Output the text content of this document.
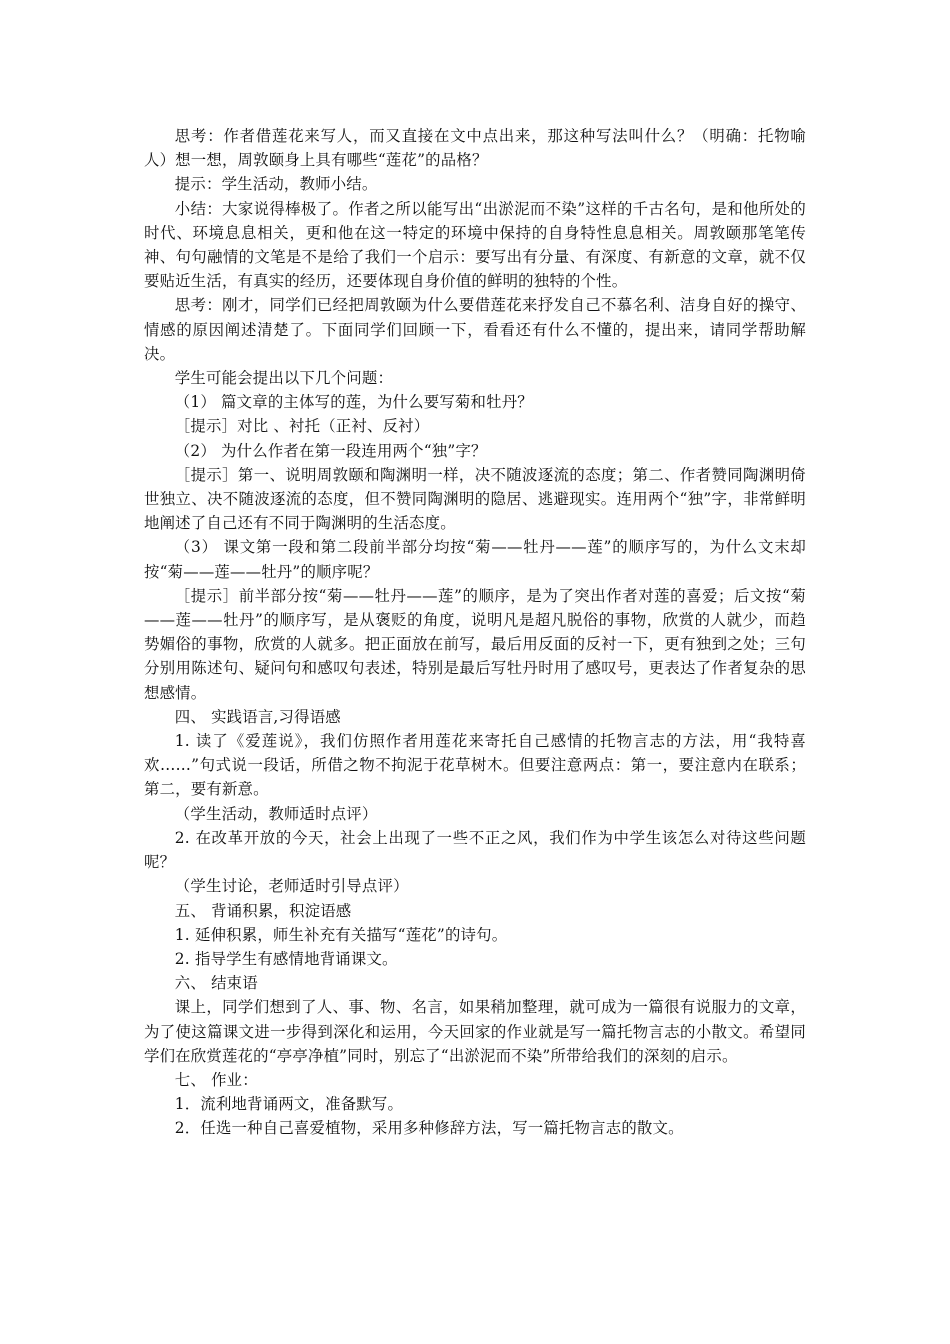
思考：作者借莲花来写人，而又直接在文中点出来，那这种写法叫什么？（明确：托物喻人）想一想，周敦颐身上具有哪些“莲花”的品格？

提示：学生活动，教师小结。

小结：大家说得棒极了。作者之所以能写出“出淤泥而不染”这样的千古名句，是和他所处的时代、环境息息相关，更和他在这一特定的环境中保持的自身特性息息相关。周敦颐那笔笔传神、句句融情的文笔是不是给了我们一个启示：要写出有分量、有深度、有新意的文章，就不仅要贴近生活，有真实的经历，还要体现自身价值的鲜明的独特的个性。

思考：刚才，同学们已经把周敦颐为什么要借莲花来抒发自己不慕名利、洁身自好的操守、情感的原因阐述清楚了。下面同学们回顾一下，看看还有什么不懂的，提出来，请同学帮助解决。

学生可能会提出以下几个问题：

（1） 篇文章的主体写的莲，为什么要写菊和牡丹？

［提示］对比 、衬托（正衬、反衬）

（2） 为什么作者在第一段连用两个“独”字？

［提示］第一、说明周敦颐和陶渊明一样，决不随波逐流的态度；第二、作者赞同陶渊明倚世独立、决不随波逐流的态度，但不赞同陶渊明的隐居、逃避现实。连用两个“独”字，非常鲜明地阐述了自己还有不同于陶渊明的生活态度。

（3） 课文第一段和第二段前半部分均按“菊——牡丹——莲”的顺序写的，为什么文末却按“菊——莲——牡丹”的顺序呢？

［提示］前半部分按“菊——牡丹——莲”的顺序，是为了突出作者对莲的喜爱；后文按“菊——莲——牡丹”的顺序写，是从褒贬的角度，说明凡是超凡脱俗的事物，欣赏的人就少，而趋势媚俗的事物，欣赏的人就多。把正面放在前写，最后用反面的反衬一下，更有独到之处；三句分别用陈述句、疑问句和感叹句表述，特别是最后写牡丹时用了感叹号，更表达了作者复杂的思想感情。

四、 实践语言,习得语感

1. 读了《爱莲说》，我们仿照作者用莲花来寄托自己感情的托物言志的方法，用“我特喜欢……”句式说一段话，所借之物不拘泥于花草树木。但要注意两点：第一，要注意内在联系；第二，要有新意。

（学生活动，教师适时点评）

2. 在改革开放的今天，社会上出现了一些不正之风，我们作为中学生该怎么对待这些问题呢？

（学生讨论，老师适时引导点评）

五、 背诵积累，积淀语感

1. 延伸积累，师生补充有关描写“莲花”的诗句。

2. 指导学生有感情地背诵课文。

六、 结束语

课上，同学们想到了人、事、物、名言，如果稍加整理，就可成为一篇很有说服力的文章，为了使这篇课文进一步得到深化和运用，今天回家的作业就是写一篇托物言志的小散文。希望同学们在欣赏莲花的“亭亭净植”同时，别忘了“出淤泥而不染”所带给我们的深刻的启示。

七、 作业：

1．流利地背诵两文，准备默写。

2．任选一种自己喜爱植物，采用多种修辞方法，写一篇托物言志的散文。
